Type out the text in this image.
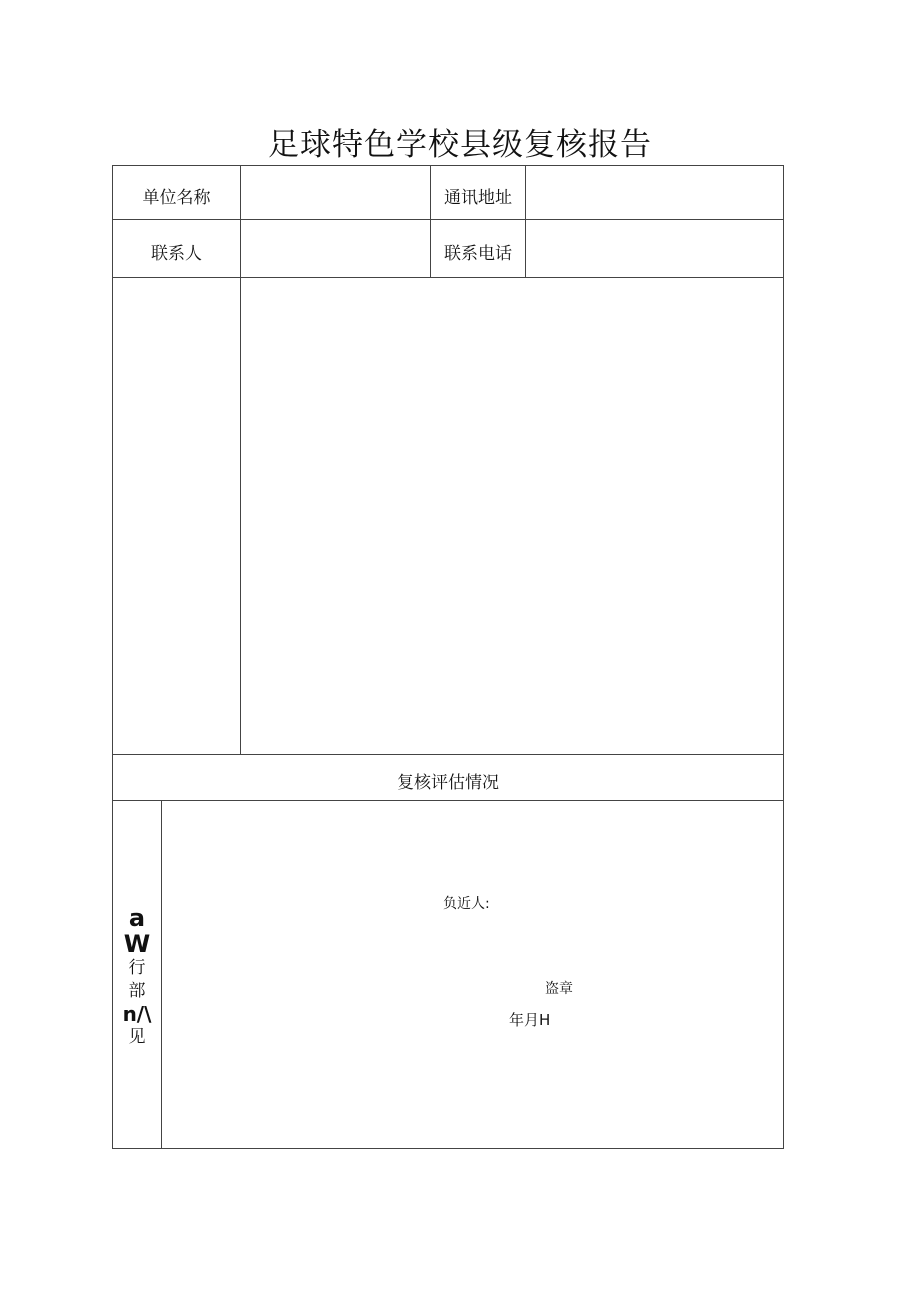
足球特色学校县级复核报告
单位名称	通讯地址
联系人	联系电话
复核评估情况
a
W
行
部
n/\
见
负近人:
盗章
年月H
